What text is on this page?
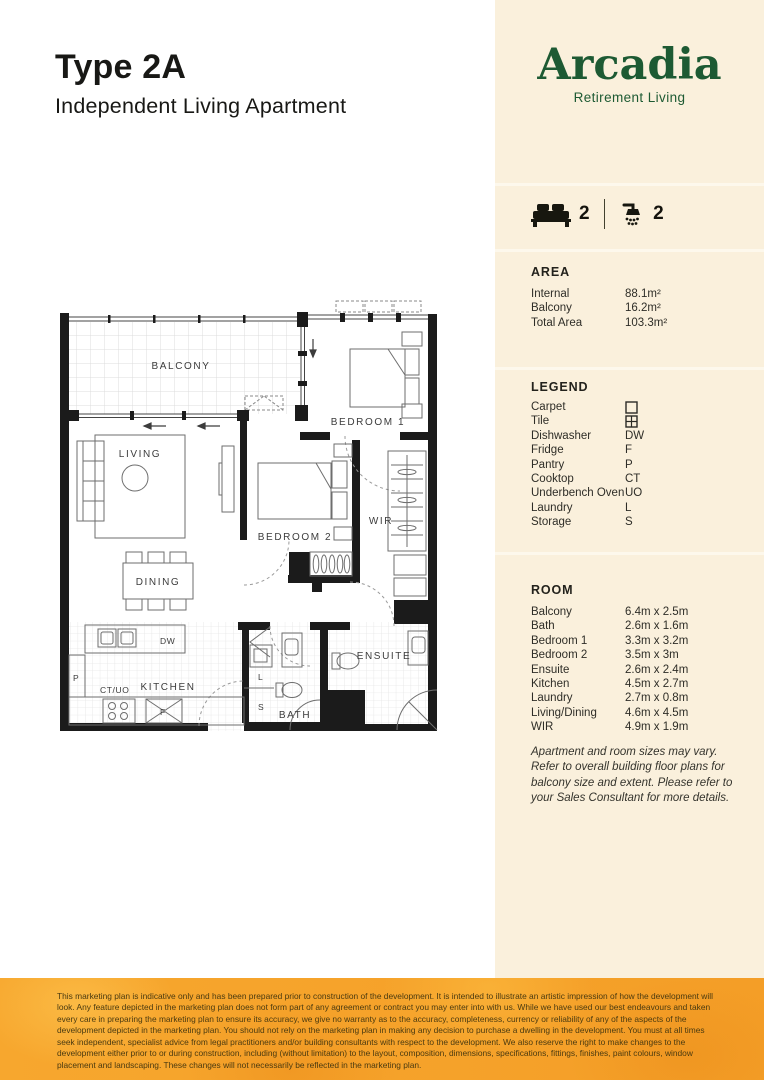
Type 2A
Independent Living Apartment
BALCONY
LIVING
DINING
BEDROOM 1
BEDROOM 2
WIR
KITCHEN
BATH
ENSUITE
DW
P
CT/UO
F
L
S
Arcadia
Retirement Living
2	2
AREA
Internal	88.1m²
Balcony	16.2m²
Total Area	103.3m²
LEGEND
Carpet
Tile
Dishwasher	DW
Fridge	F
Pantry	P
Cooktop	CT
Underbench Oven UO
Laundry	L
Storage	S
ROOM
Balcony	6.4m x 2.5m
Bath	2.6m x 1.6m
Bedroom 1	3.3m x 3.2m
Bedroom 2	3.5m x 3m
Ensuite	2.6m x 2.4m
Kitchen	4.5m x 2.7m
Laundry	2.7m x 0.8m
Living/Dining 4.6m x 4.5m
WIR	4.9m x 1.9m
Apartment and room sizes may vary. Refer to overall building floor plans for balcony size and extent. Please refer to your Sales Consultant for more details.
This marketing plan is indicative only and has been prepared prior to construction of the development. It is intended to illustrate an artistic impression of how the development will look. Any feature depicted in the marketing plan does not form part of any agreement or contract you may enter into with us. While we have used our best endeavours and taken every care in preparing the marketing plan to ensure its accuracy, we give no warranty as to the accuracy, completeness, currency or reliability of any of the aspects of the development depicted in the marketing plan. You should not rely on the marketing plan in making any decision to purchase a dwelling in the development. You must at all times seek independent, specialist advice from legal practitioners and/or building consultants with respect to the development. We also reserve the right to make changes to the development either prior to or during construction, including (without limitation) to the layout, composition, dimensions, specifications, fittings, finishes, paint colours, window placement and landscaping. These changes will not necessarily be reflected in the marketing plan.
